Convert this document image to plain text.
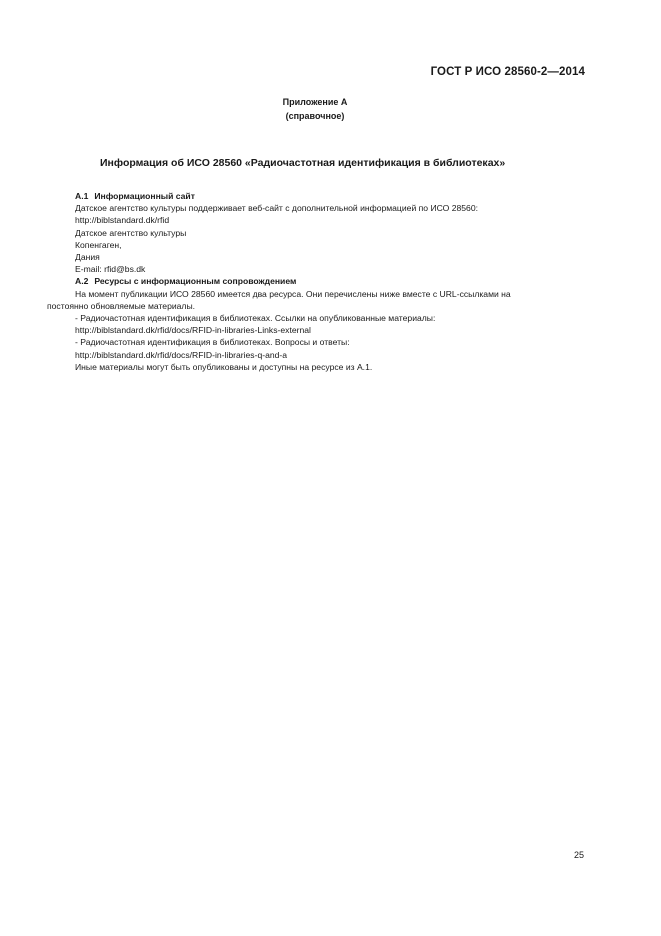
ГОСТ Р ИСО 28560-2—2014
Приложение А
(справочное)
Информация об ИСО 28560 «Радиочастотная идентификация в библиотеках»
А.1 Информационный сайт
Датское агентство культуры поддерживает веб-сайт с дополнительной информацией по ИСО 28560:
http://biblstandard.dk/rfid
Датское агентство культуры
Копенгаген,
Дания
E-mail: rfid@bs.dk
А.2 Ресурсы с информационным сопровождением
На момент публикации ИСО 28560 имеется два ресурса. Они перечислены ниже вместе с URL-ссылками на
постоянно обновляемые материалы.
- Радиочастотная идентификация в библиотеках. Ссылки на опубликованные материалы:
http://biblstandard.dk/rfid/docs/RFID-in-libraries-Links-external
- Радиочастотная идентификация в библиотеках. Вопросы и ответы:
http://biblstandard.dk/rfid/docs/RFID-in-libraries-q-and-a
Иные материалы могут быть опубликованы и доступны на ресурсе из А.1.
25
